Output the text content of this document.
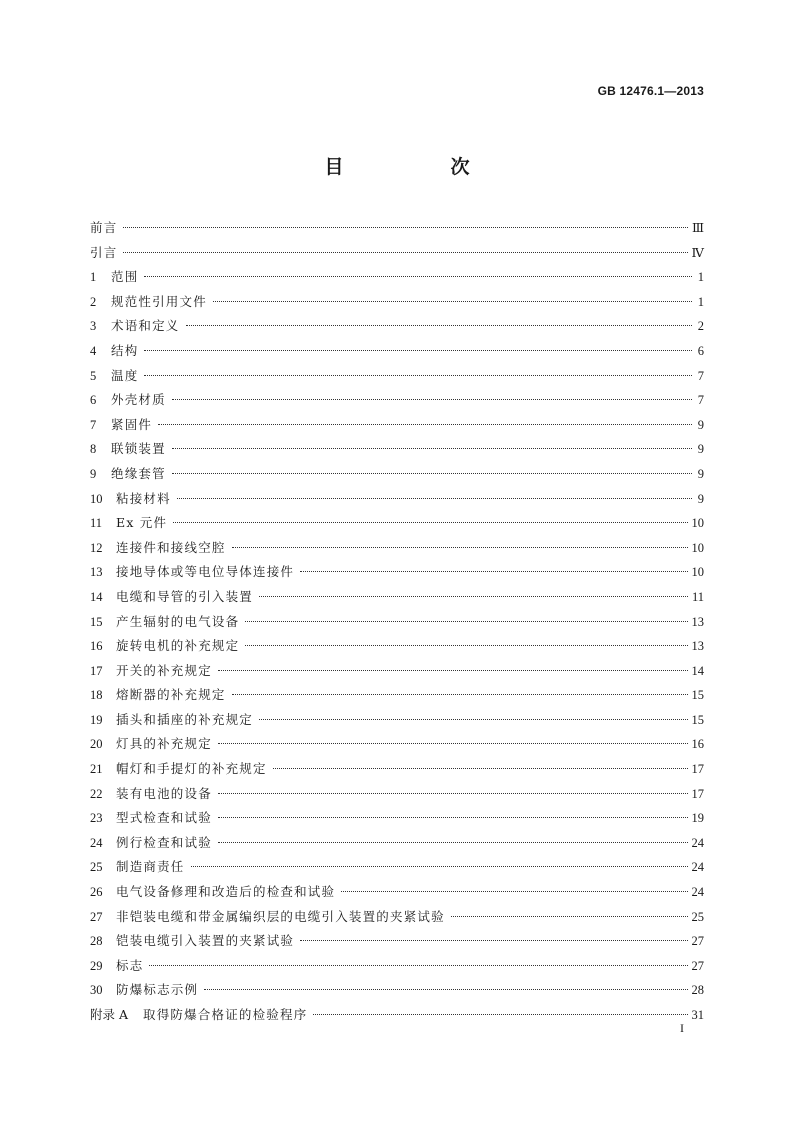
GB 12476.1—2013
目　次
前言	Ⅲ
引言	Ⅳ
1	范围	1
2	规范性引用文件	1
3	术语和定义	2
4	结构	6
5	温度	7
6	外壳材质	7
7	紧固件	9
8	联锁装置	9
9	绝缘套管	9
10	粘接材料	9
11	Ex 元件	10
12	连接件和接线空腔	10
13	接地导体或等电位导体连接件	10
14	电缆和导管的引入装置	11
15	产生辐射的电气设备	13
16	旋转电机的补充规定	13
17	开关的补充规定	14
18	熔断器的补充规定	15
19	插头和插座的补充规定	15
20	灯具的补充规定	16
21	帽灯和手提灯的补充规定	17
22	装有电池的设备	17
23	型式检查和试验	19
24	例行检查和试验	24
25	制造商责任	24
26	电气设备修理和改造后的检查和试验	24
27	非铠装电缆和带金属编织层的电缆引入装置的夹紧试验	25
28	铠装电缆引入装置的夹紧试验	27
29	标志	27
30	防爆标志示例	28
附录 A	取得防爆合格证的检验程序	31
I
